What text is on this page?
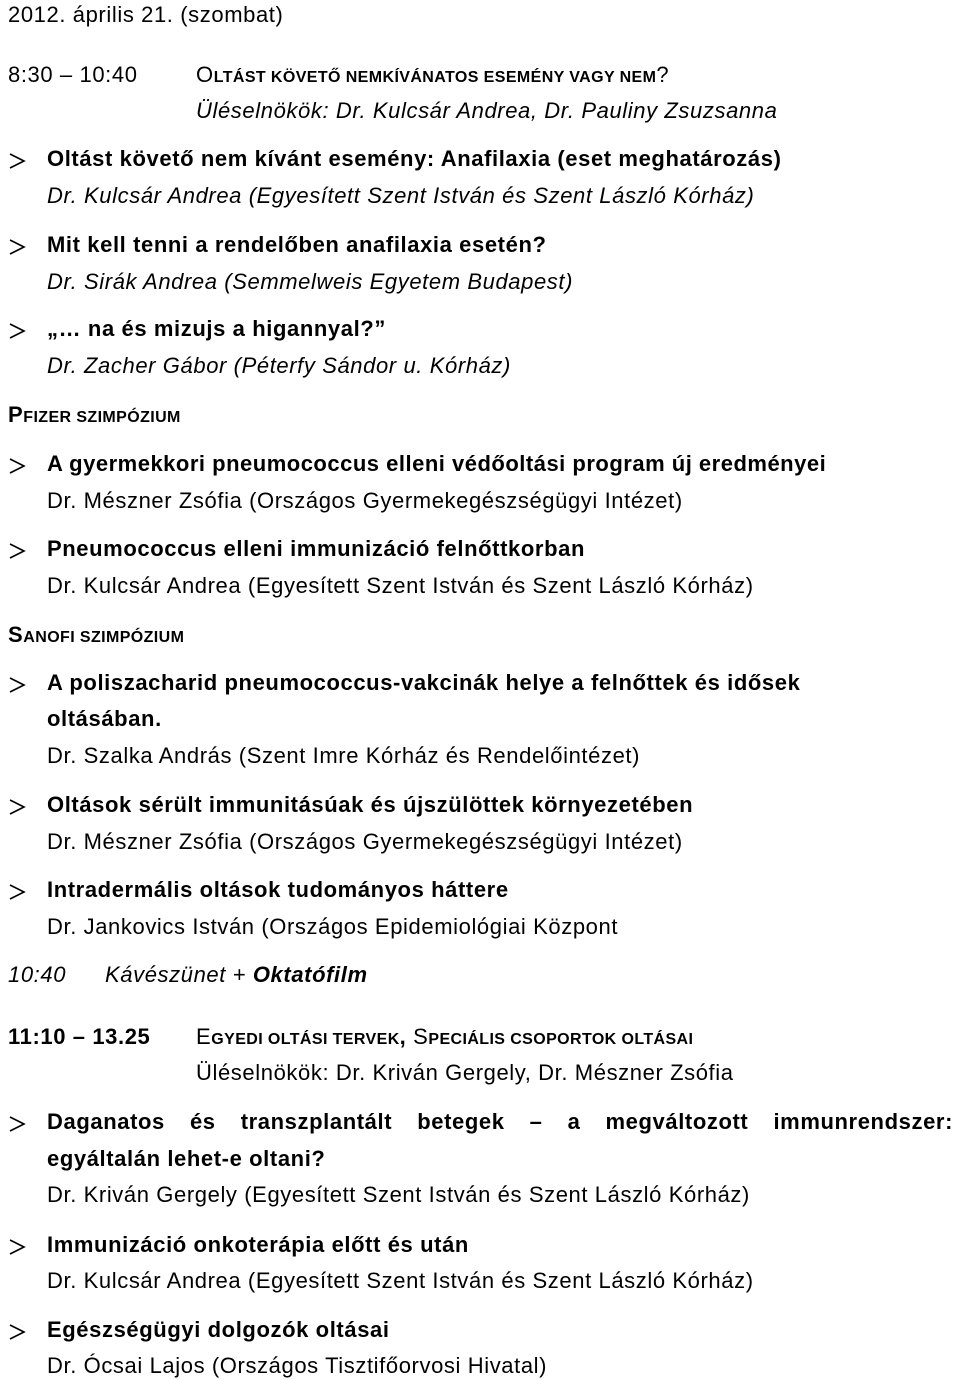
2012. április 21. (szombat)
8:30 – 10:40	OLTÁST KÖVETŐ NEMKÍVÁNATOS ESEMÉNY VAGY NEM?
Üléselnökök: Dr. Kulcsár Andrea, Dr. Pauliny Zsuzsanna
Oltást követő nem kívánt esemény: Anafilaxia (eset meghatározás)
Dr. Kulcsár Andrea (Egyesített Szent István és Szent László Kórház)
Mit kell tenni a rendelőben anafilaxia esetén?
Dr. Sirák Andrea (Semmelweis Egyetem Budapest)
„… na és mizujs a higannyal?”
Dr. Zacher Gábor (Péterfy Sándor u. Kórház)
PFIZER SZIMPÓZIUM
A gyermekkori pneumococcus elleni védőoltási program új eredményei
Dr. Mészner Zsófia (Országos Gyermekegészségügyi Intézet)
Pneumococcus elleni immunizáció felnőttkorban
Dr. Kulcsár Andrea (Egyesített Szent István és Szent László Kórház)
SANOFI SZIMPÓZIUM
A poliszacharid pneumococcus-vakcinák helye a felnőttek és idősek
oltásában.
Dr. Szalka András (Szent Imre Kórház és Rendelőintézet)
Oltások sérült immunitásúak és újszülöttek környezetében
Dr. Mészner Zsófia (Országos Gyermekegészségügyi Intézet)
Intradermális oltások tudományos háttere
Dr. Jankovics István (Országos Epidemiológiai Központ
10:40 Kávészünet + Oktatófilm
11:10 – 13.25 EGYEDI OLTÁSI TERVEK, SPECIÁLIS CSOPORTOK OLTÁSAI
Üléselnökök: Dr. Kriván Gergely, Dr. Mészner Zsófia
Daganatos és transzplantált betegek – a megváltozott immunrendszer:
egyáltalán lehet-e oltani?
Dr. Kriván Gergely (Egyesített Szent István és Szent László Kórház)
Immunizáció onkoterápia előtt és után
Dr. Kulcsár Andrea (Egyesített Szent István és Szent László Kórház)
Egészségügyi dolgozók oltásai
Dr. Ócsai Lajos (Országos Tisztifőorvosi Hivatal)
